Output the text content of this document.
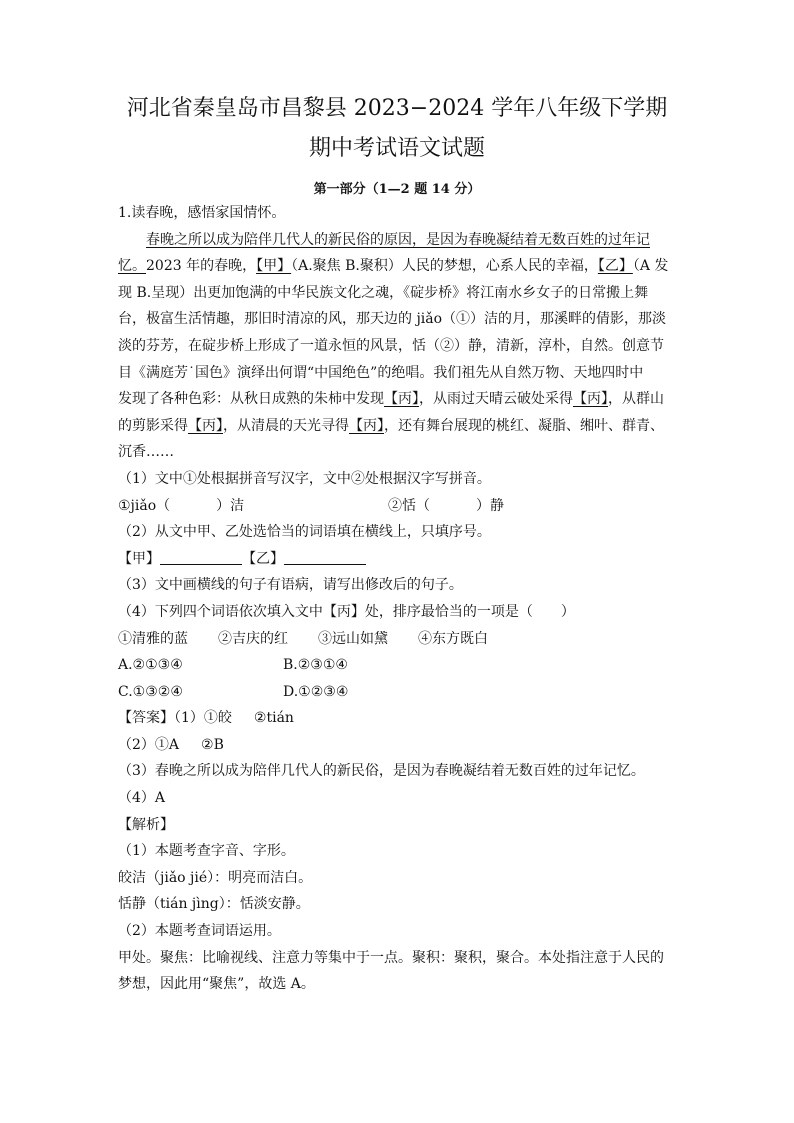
河北省秦皇岛市昌黎县 2023−2024 学年八年级下学期
期中考试语文试题
第一部分（1—2 题 14 分）
1.读春晚，感悟家国情怀。
春晚之所以成为陪伴几代人的新民俗的原因，是因为春晚凝结着无数百姓的过年记
忆。2023 年的春晚，【甲】（A.聚焦 B.聚积）人民的梦想，心系人民的幸福，【乙】（A 发
现 B.呈现）出更加饱满的中华民族文化之魂，《碇步桥》将江南水乡女子的日常搬上舞
台，极富生活情趣，那旧时清凉的风，那天边的 jiǎo（①）洁的月，那溪畔的倩影，那淡
淡的芬芳，在碇步桥上形成了一道永恒的风景，恬（②）静，清新，淳朴，自然。创意节
目《满庭芳˙国色》演绎出何谓“中国绝色”的绝唱。我们祖先从自然万物、天地四时中
发现了各种色彩：从秋日成熟的朱柿中发现【丙】，从雨过天晴云破处采得【丙】，从群山
的剪影采得【丙】，从清晨的天光寻得【丙】，还有舞台展现的桃红、凝脂、缃叶、群青、
沉香……
（1）文中①处根据拼音写汉字，文中②处根据汉字写拼音。
①jiǎo（	）洁	②恬（	）静
（2）从文中甲、乙处选恰当的词语填在横线上，只填序号。
【甲】	【乙】
（3）文中画横线的句子有语病，请写出修改后的句子。
（4）下列四个词语依次填入文中【丙】处，排序最恰当的一项是（　　）
①清雅的蓝 ②吉庆的红 ③远山如黛 ④东方既白
A.②①③④	B.②③①④
C.①③②④	D.①②③④
【答案】（1）①皎 ②tián
（2）①A ②B
（3）春晚之所以成为陪伴几代人的新民俗，是因为春晚凝结着无数百姓的过年记忆。
（4）A
【解析】
（1）本题考查字音、字形。
皎洁（jiǎo jié）：明亮而洁白。
恬静（tián jìng）：恬淡安静。
（2）本题考查词语运用。
甲处。聚焦：比喻视线、注意力等集中于一点。聚积：聚积，聚合。本处指注意于人民的
梦想，因此用“聚焦”，故选 A。
